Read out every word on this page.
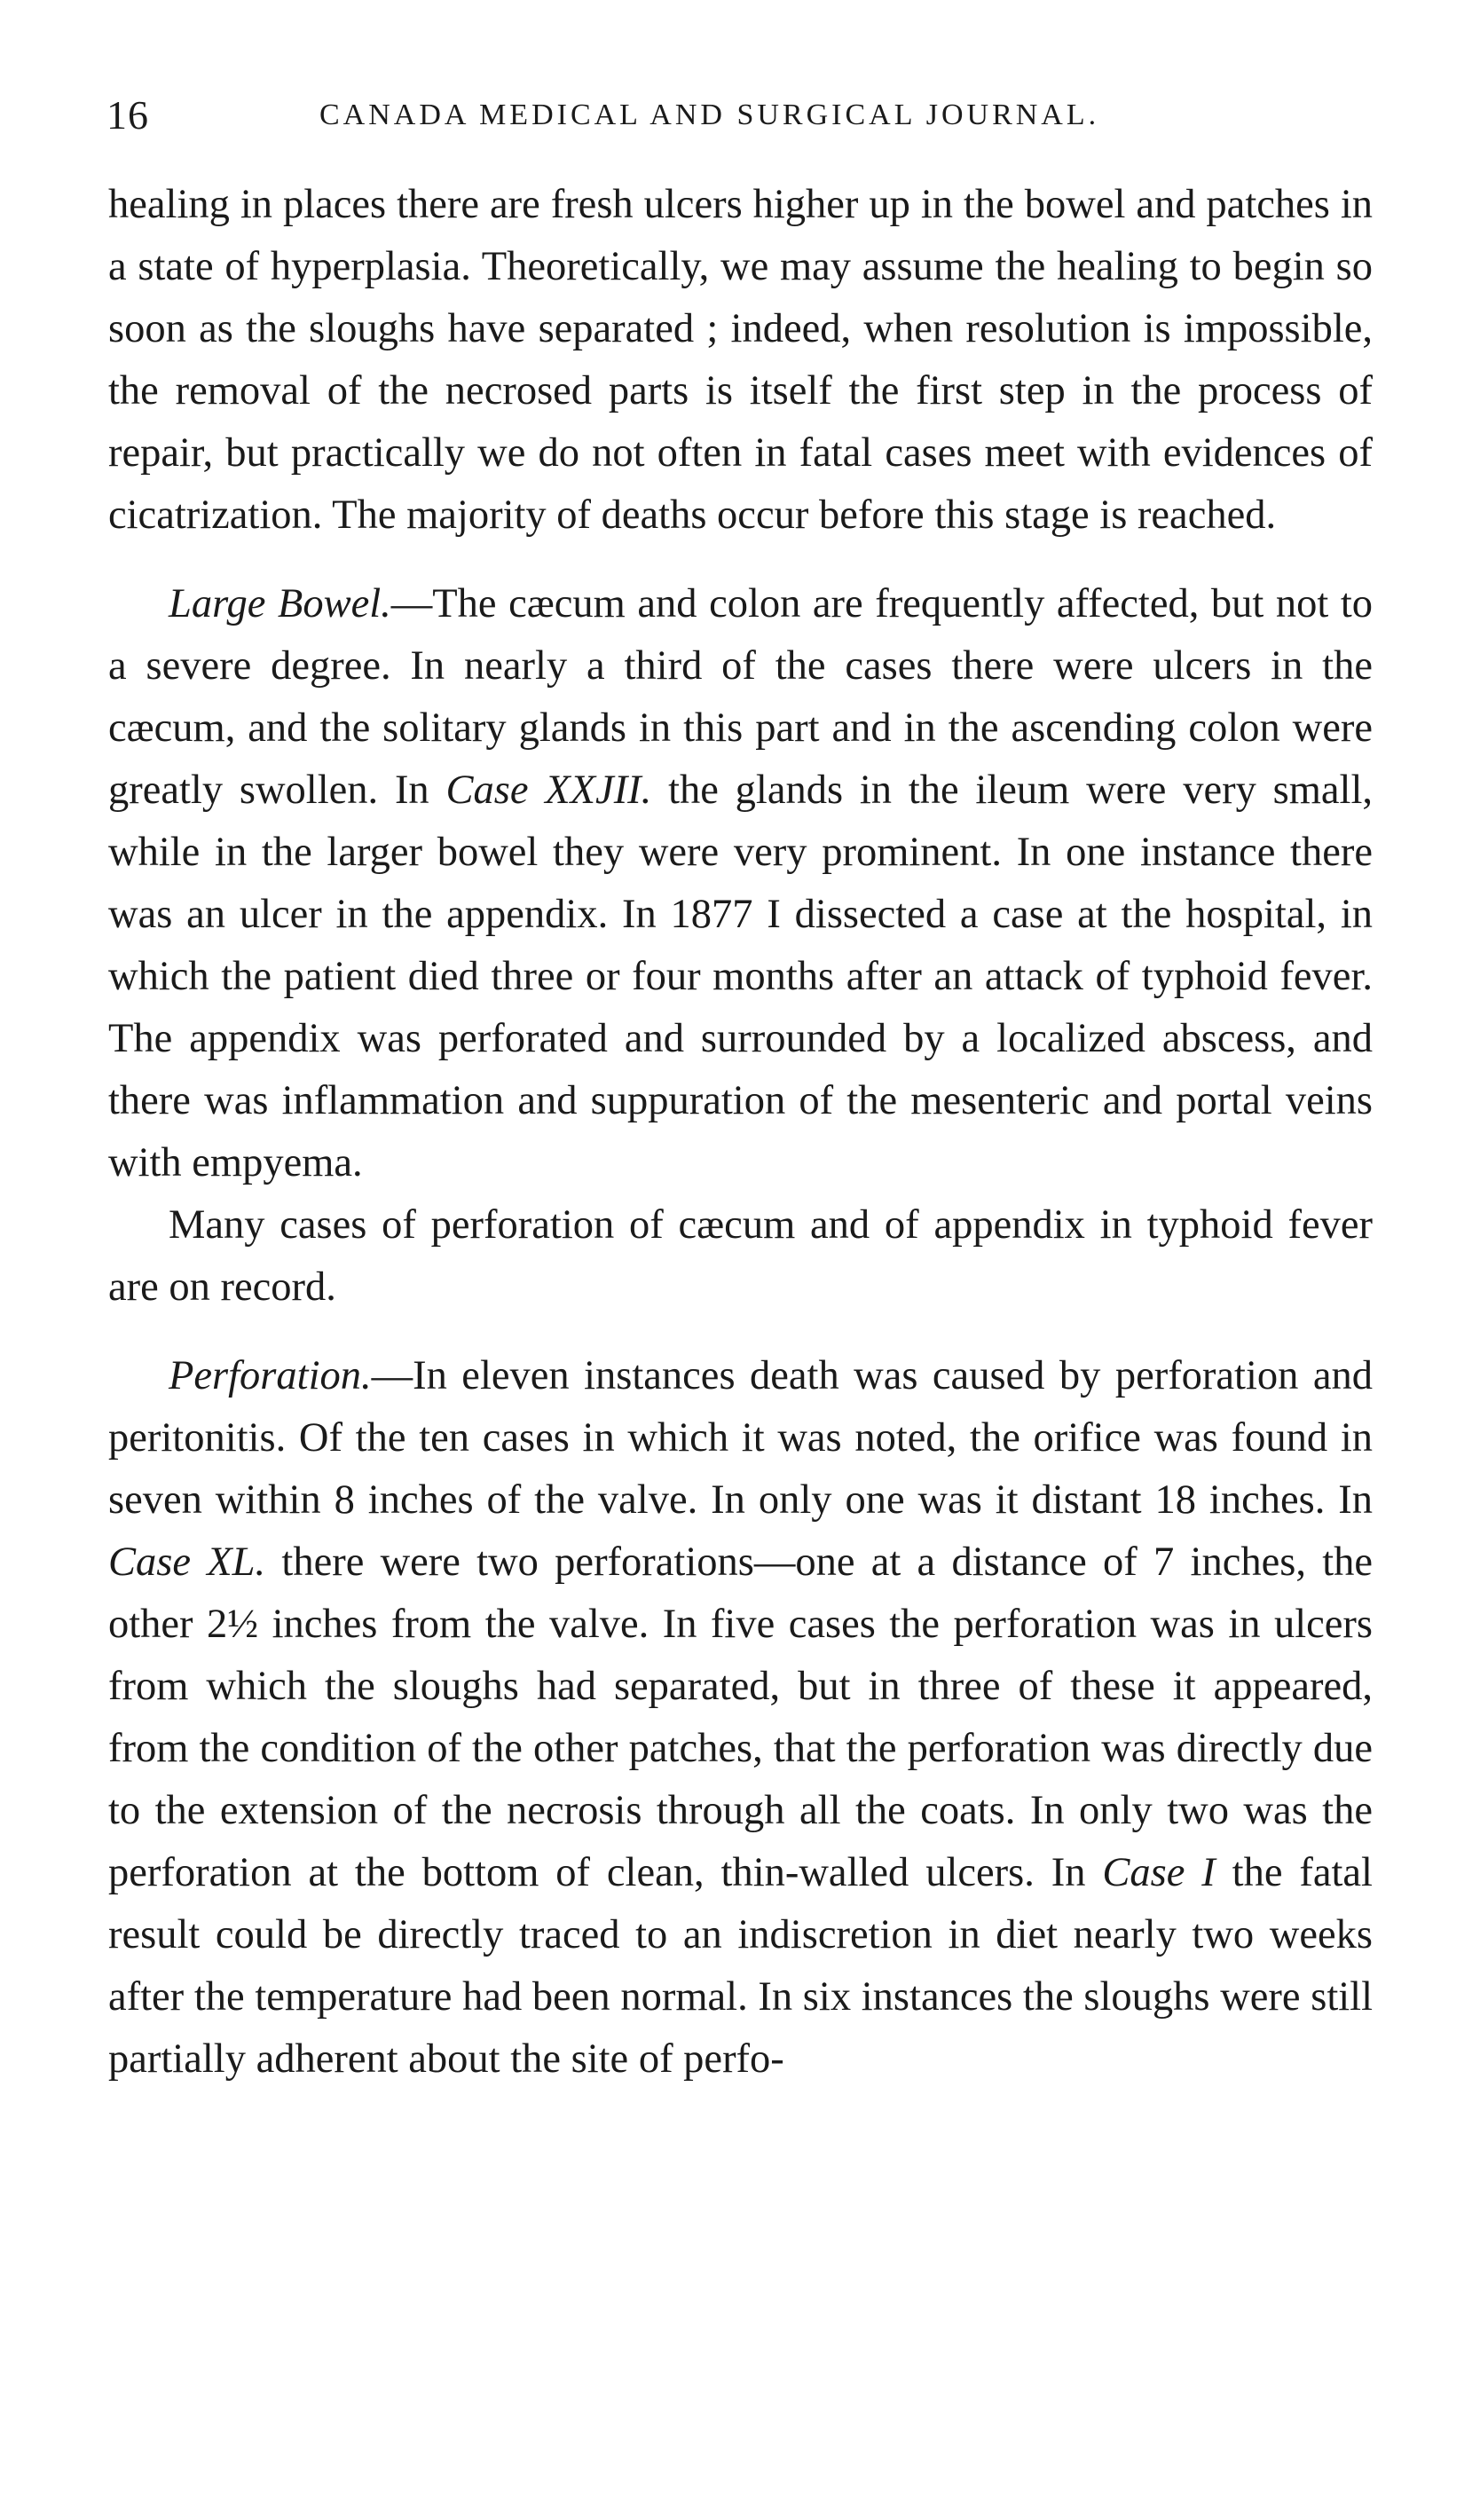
16	CANADA MEDICAL AND SURGICAL JOURNAL.

healing in places there are fresh ulcers higher up in the bowel and patches in a state of hyperplasia. Theoretically, we may assume the healing to begin so soon as the sloughs have separated ; indeed, when resolution is impossible, the removal of the necrosed parts is itself the first step in the process of repair, but practically we do not often in fatal cases meet with evidences of cicatrization. The majority of deaths occur before this stage is reached.

Large Bowel.—The cæcum and colon are frequently affected, but not to a severe degree. In nearly a third of the cases there were ulcers in the cæcum, and the solitary glands in this part and in the ascending colon were greatly swollen. In Case XXJII. the glands in the ileum were very small, while in the larger bowel they were very prominent. In one instance there was an ulcer in the appendix. In 1877 I dissected a case at the hospital, in which the patient died three or four months after an attack of typhoid fever. The appendix was perforated and surrounded by a localized abscess, and there was inflammation and suppuration of the mesenteric and portal veins with empyema.

Many cases of perforation of cæcum and of appendix in typhoid fever are on record.

Perforation.—In eleven instances death was caused by perforation and peritonitis. Of the ten cases in which it was noted, the orifice was found in seven within 8 inches of the valve. In only one was it distant 18 inches. In Case XL. there were two perforations—one at a distance of 7 inches, the other 2½ inches from the valve. In five cases the perforation was in ulcers from which the sloughs had separated, but in three of these it appeared, from the condition of the other patches, that the perforation was directly due to the extension of the necrosis through all the coats. In only two was the perforation at the bottom of clean, thin-walled ulcers. In Case I the fatal result could be directly traced to an indiscretion in diet nearly two weeks after the temperature had been normal. In six instances the sloughs were still partially adherent about the site of perfo-
